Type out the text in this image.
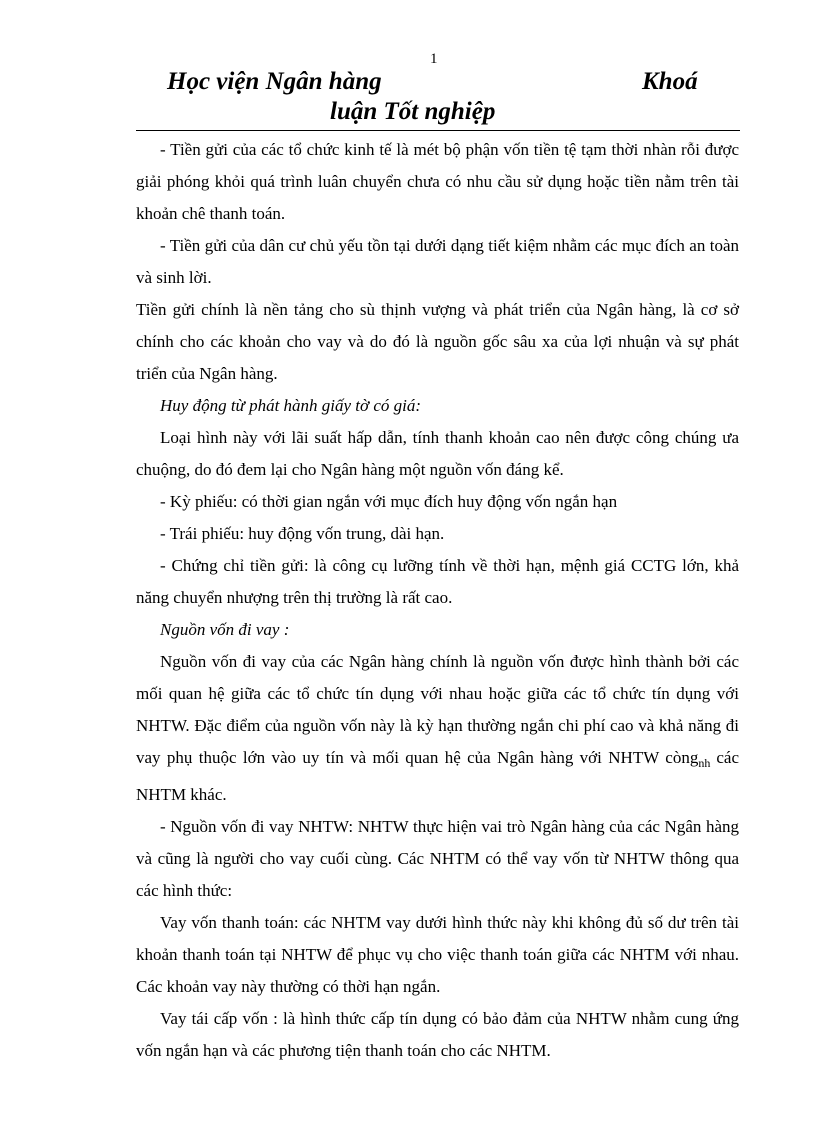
1
Học viện Ngân hàng	Khoá
luận Tốt nghiệp

- Tiền gửi của các tổ chức kinh tế là mét bộ phận vốn tiền tệ tạm thời nhàn rỗi được giải phóng khỏi quá trình luân chuyển chưa có nhu cầu sử dụng hoặc tiền nằm trên tài khoản chê thanh toán.

- Tiền gửi của dân cư chủ yếu tồn tại dưới dạng tiết kiệm nhằm các mục đích an toàn và sinh lời.

Tiền gửi chính là nền tảng cho sù thịnh vượng và phát triển của Ngân hàng, là cơ sở chính cho các khoản cho vay và do đó là nguồn gốc sâu xa của lợi nhuận và sự phát triển của Ngân hàng.

Huy động từ phát hành giấy tờ có giá:

Loại hình này với lãi suất hấp dẫn, tính thanh khoản cao nên được công chúng ưa chuộng, do đó đem lại cho Ngân hàng một nguồn vốn đáng kể.

- Kỳ phiếu: có thời gian ngắn với mục đích huy động vốn ngắn hạn

- Trái phiếu: huy động vốn trung, dài hạn.

- Chứng chỉ tiền gửi: là công cụ lưỡng tính về thời hạn, mệnh giá CCTG lớn, khả năng chuyển nhượng trên thị trường là rất cao.

Nguồn vốn đi vay :

Nguồn vốn đi vay của các Ngân hàng chính là nguồn vốn được hình thành bởi các mối quan hệ giữa các tổ chức tín dụng với nhau hoặc giữa các tổ chức tín dụng với NHTW. Đặc điểm của nguồn vốn này là kỳ hạn thường ngắn chi phí cao và khả năng đi vay phụ thuộc lớn vào uy tín và mối quan hệ của Ngân hàng với NHTW còng$_{nh}$ các NHTM khác.

- Nguồn vốn đi vay NHTW: NHTW thực hiện vai trò Ngân hàng của các Ngân hàng và cũng là người cho vay cuối cùng. Các NHTM có thể vay vốn từ NHTW thông qua các hình thức:

Vay vốn thanh toán: các NHTM vay dưới hình thức này khi không đủ số dư trên tài khoản thanh toán tại NHTW để phục vụ cho việc thanh toán giữa các NHTM với nhau. Các khoản vay này thường có thời hạn ngắn.

Vay tái cấp vốn : là hình thức cấp tín dụng có bảo đảm của NHTW nhằm cung ứng vốn ngắn hạn và các phương tiện thanh toán cho các NHTM.
